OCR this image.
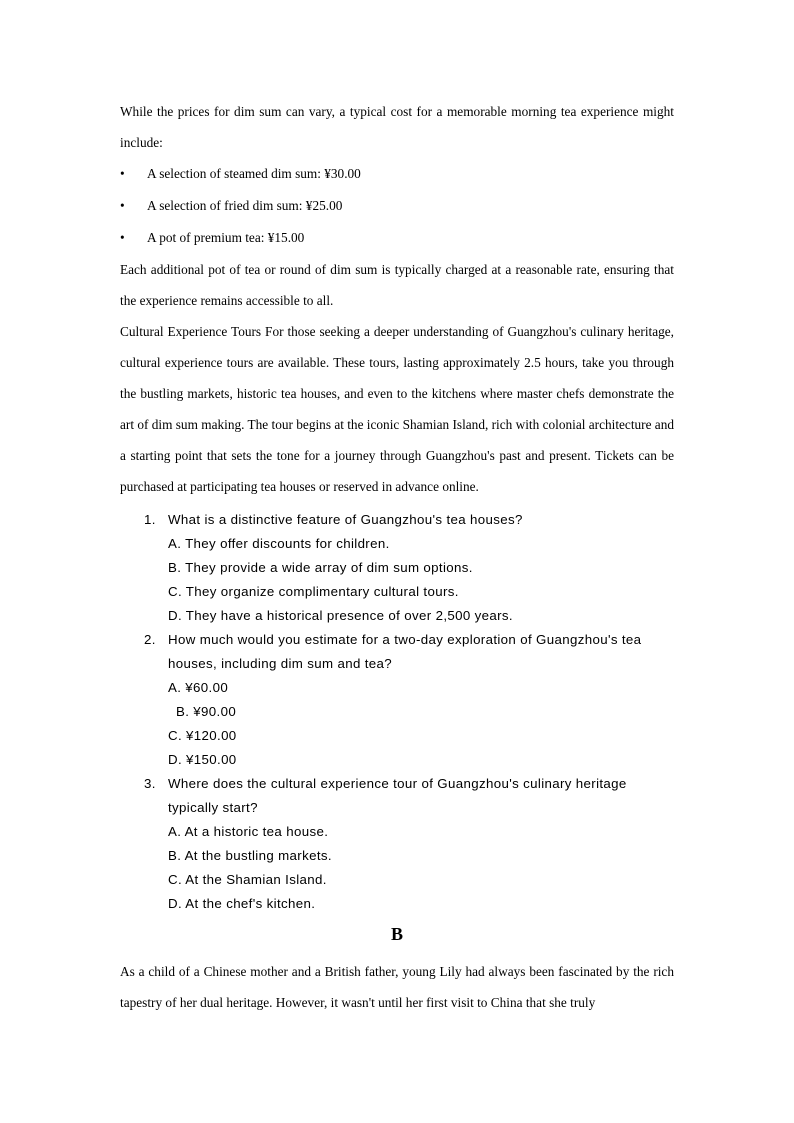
While the prices for dim sum can vary, a typical cost for a memorable morning tea experience might include:

• A selection of steamed dim sum: ¥30.00
• A selection of fried dim sum: ¥25.00
• A pot of premium tea: ¥15.00

Each additional pot of tea or round of dim sum is typically charged at a reasonable rate, ensuring that the experience remains accessible to all.

Cultural Experience Tours For those seeking a deeper understanding of Guangzhou's culinary heritage, cultural experience tours are available. These tours, lasting approximately 2.5 hours, take you through the bustling markets, historic tea houses, and even to the kitchens where master chefs demonstrate the art of dim sum making. The tour begins at the iconic Shamian Island, rich with colonial architecture and a starting point that sets the tone for a journey through Guangzhou's past and present. Tickets can be purchased at participating tea houses or reserved in advance online.

1. What is a distinctive feature of Guangzhou's tea houses?
A. They offer discounts for children.
B. They provide a wide array of dim sum options.
C. They organize complimentary cultural tours.
D. They have a historical presence of over 2,500 years.
2. How much would you estimate for a two-day exploration of Guangzhou's tea houses, including dim sum and tea?
A. ¥60.00
B. ¥90.00
C. ¥120.00
D. ¥150.00
3. Where does the cultural experience tour of Guangzhou's culinary heritage typically start?
A. At a historic tea house.
B. At the bustling markets.
C. At the Shamian Island.
D. At the chef's kitchen.
B

As a child of a Chinese mother and a British father, young Lily had always been fascinated by the rich tapestry of her dual heritage. However, it wasn't until her first visit to China that she truly
